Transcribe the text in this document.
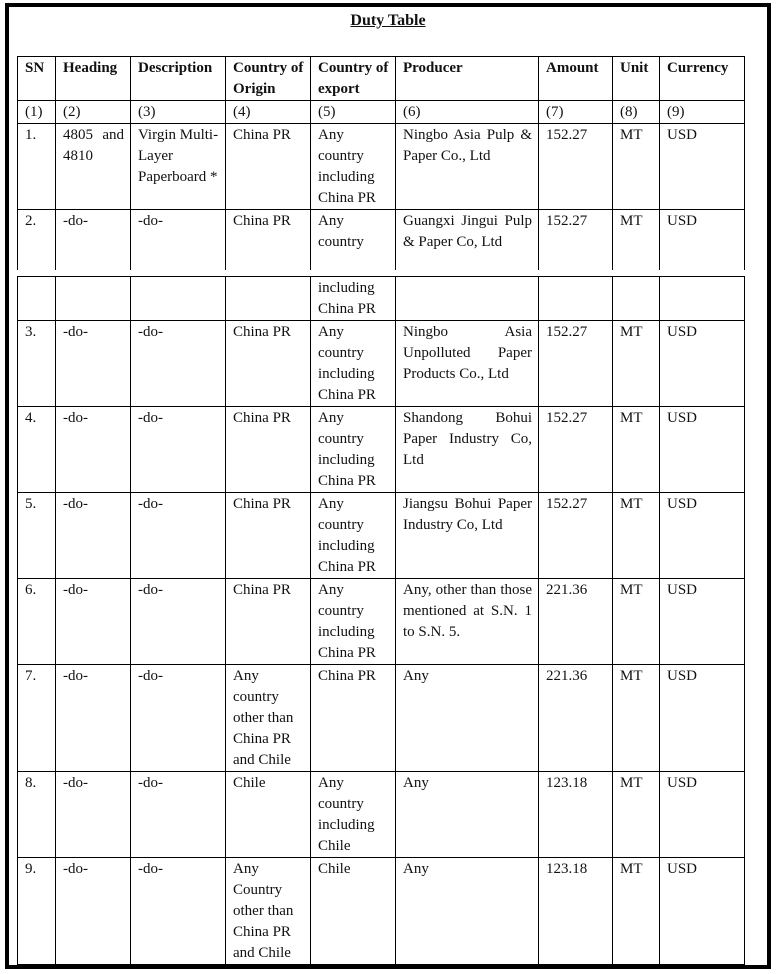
Duty Table
SN	Heading	Description	Country of Origin	Country of export	Producer	Amount	Unit	Currency
(1)	(2)	(3)	(4)	(5)	(6)	(7)	(8)	(9)
1.	4805 and 4810	Virgin Multi-Layer Paperboard *	China PR	Any country including China PR	Ningbo Asia Pulp & Paper Co., Ltd	152.27	MT	USD
2.	-do-	-do-	China PR	Any country	Guangxi Jingui Pulp & Paper Co, Ltd	152.27	MT	USD
				including China PR				
3.	-do-	-do-	China PR	Any country including China PR	Ningbo Asia Unpolluted Paper Products Co., Ltd	152.27	MT	USD
4.	-do-	-do-	China PR	Any country including China PR	Shandong Bohui Paper Industry Co, Ltd	152.27	MT	USD
5.	-do-	-do-	China PR	Any country including China PR	Jiangsu Bohui Paper Industry Co, Ltd	152.27	MT	USD
6.	-do-	-do-	China PR	Any country including China PR	Any, other than those mentioned at S.N. 1 to S.N. 5.	221.36	MT	USD
7.	-do-	-do-	Any country other than China PR and Chile	China PR	Any	221.36	MT	USD
8.	-do-	-do-	Chile	Any country including Chile	Any	123.18	MT	USD
9.	-do-	-do-	Any Country other than China PR and Chile	Chile	Any	123.18	MT	USD
